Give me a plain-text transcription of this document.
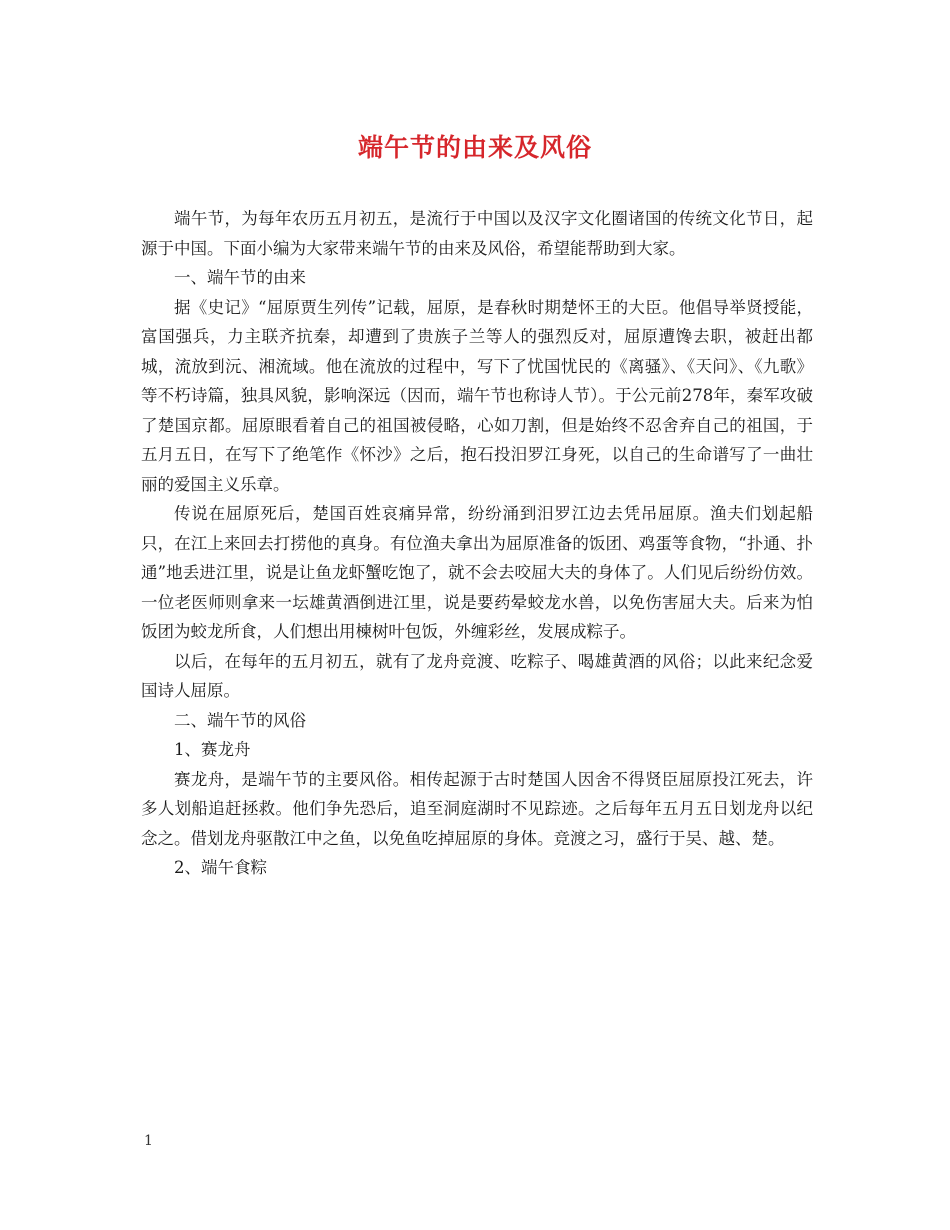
端午节的由来及风俗

端午节，为每年农历五月初五，是流行于中国以及汉字文化圈诸国的传统文化节日，起源于中国。下面小编为大家带来端午节的由来及风俗，希望能帮助到大家。

一、端午节的由来

据《史记》“屈原贾生列传”记载，屈原，是春秋时期楚怀王的大臣。他倡导举贤授能，富国强兵，力主联齐抗秦，却遭到了贵族子兰等人的强烈反对，屈原遭馋去职，被赶出都城，流放到沅、湘流域。他在流放的过程中，写下了忧国忧民的《离骚》、《天问》、《九歌》等不朽诗篇，独具风貌，影响深远（因而，端午节也称诗人节）。于公元前278年，秦军攻破了楚国京都。屈原眼看着自己的祖国被侵略，心如刀割，但是始终不忍舍弃自己的祖国，于五月五日，在写下了绝笔作《怀沙》之后，抱石投汨罗江身死，以自己的生命谱写了一曲壮丽的爱国主义乐章。

传说在屈原死后，楚国百姓哀痛异常，纷纷涌到汨罗江边去凭吊屈原。渔夫们划起船只，在江上来回去打捞他的真身。有位渔夫拿出为屈原准备的饭团、鸡蛋等食物，“扑通、扑通”地丢进江里，说是让鱼龙虾蟹吃饱了，就不会去咬屈大夫的身体了。人们见后纷纷仿效。一位老医师则拿来一坛雄黄酒倒进江里，说是要药晕蛟龙水兽，以免伤害屈大夫。后来为怕饭团为蛟龙所食，人们想出用楝树叶包饭，外缠彩丝，发展成粽子。

以后，在每年的五月初五，就有了龙舟竞渡、吃粽子、喝雄黄酒的风俗；以此来纪念爱国诗人屈原。

二、端午节的风俗

1、赛龙舟

赛龙舟，是端午节的主要风俗。相传起源于古时楚国人因舍不得贤臣屈原投江死去，许多人划船追赶拯救。他们争先恐后，追至洞庭湖时不见踪迹。之后每年五月五日划龙舟以纪念之。借划龙舟驱散江中之鱼，以免鱼吃掉屈原的身体。竞渡之习，盛行于吴、越、楚。

2、端午食粽

1
